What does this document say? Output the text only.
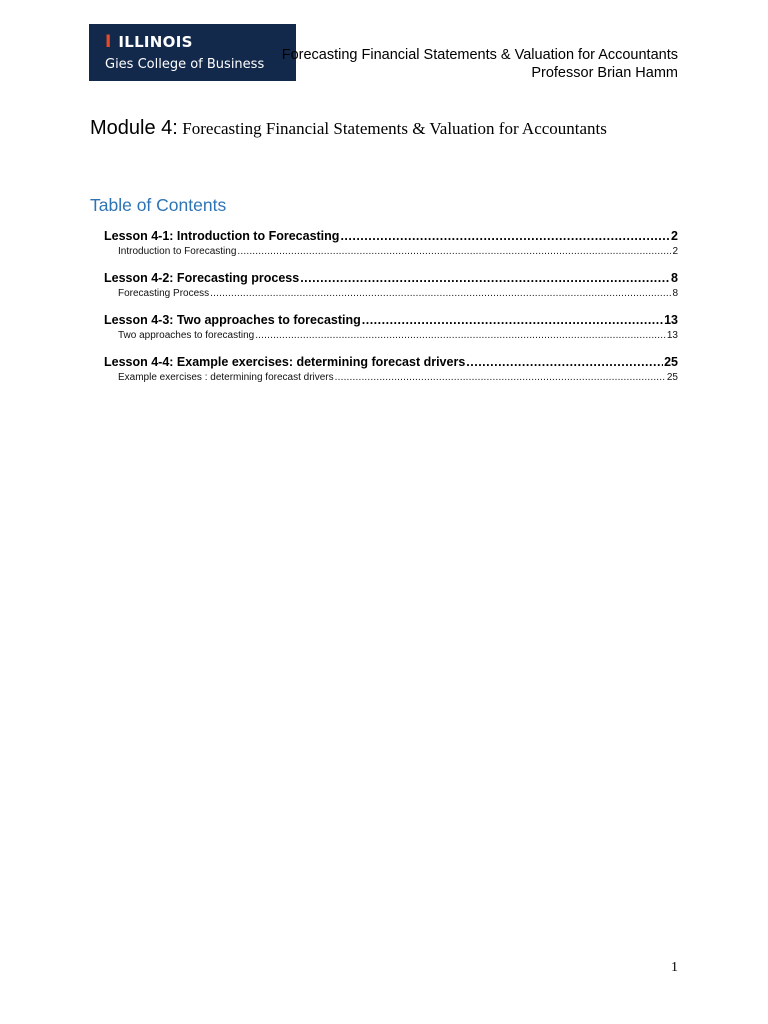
I ILLINOIS
Gies College of Business
Forecasting Financial Statements & Valuation for Accountants
Professor Brian Hamm
Module 4: Forecasting Financial Statements & Valuation for Accountants
Table of Contents
Lesson 4-1: Introduction to Forecasting .....	2
Introduction to Forecasting .....	2
Lesson 4-2: Forecasting process .....	8
Forecasting Process .....	8
Lesson 4-3: Two approaches to forecasting .....	13
Two approaches to forecasting .....	13
Lesson 4-4: Example exercises: determining forecast drivers .....	25
Example exercises : determining forecast drivers .....	25
1
